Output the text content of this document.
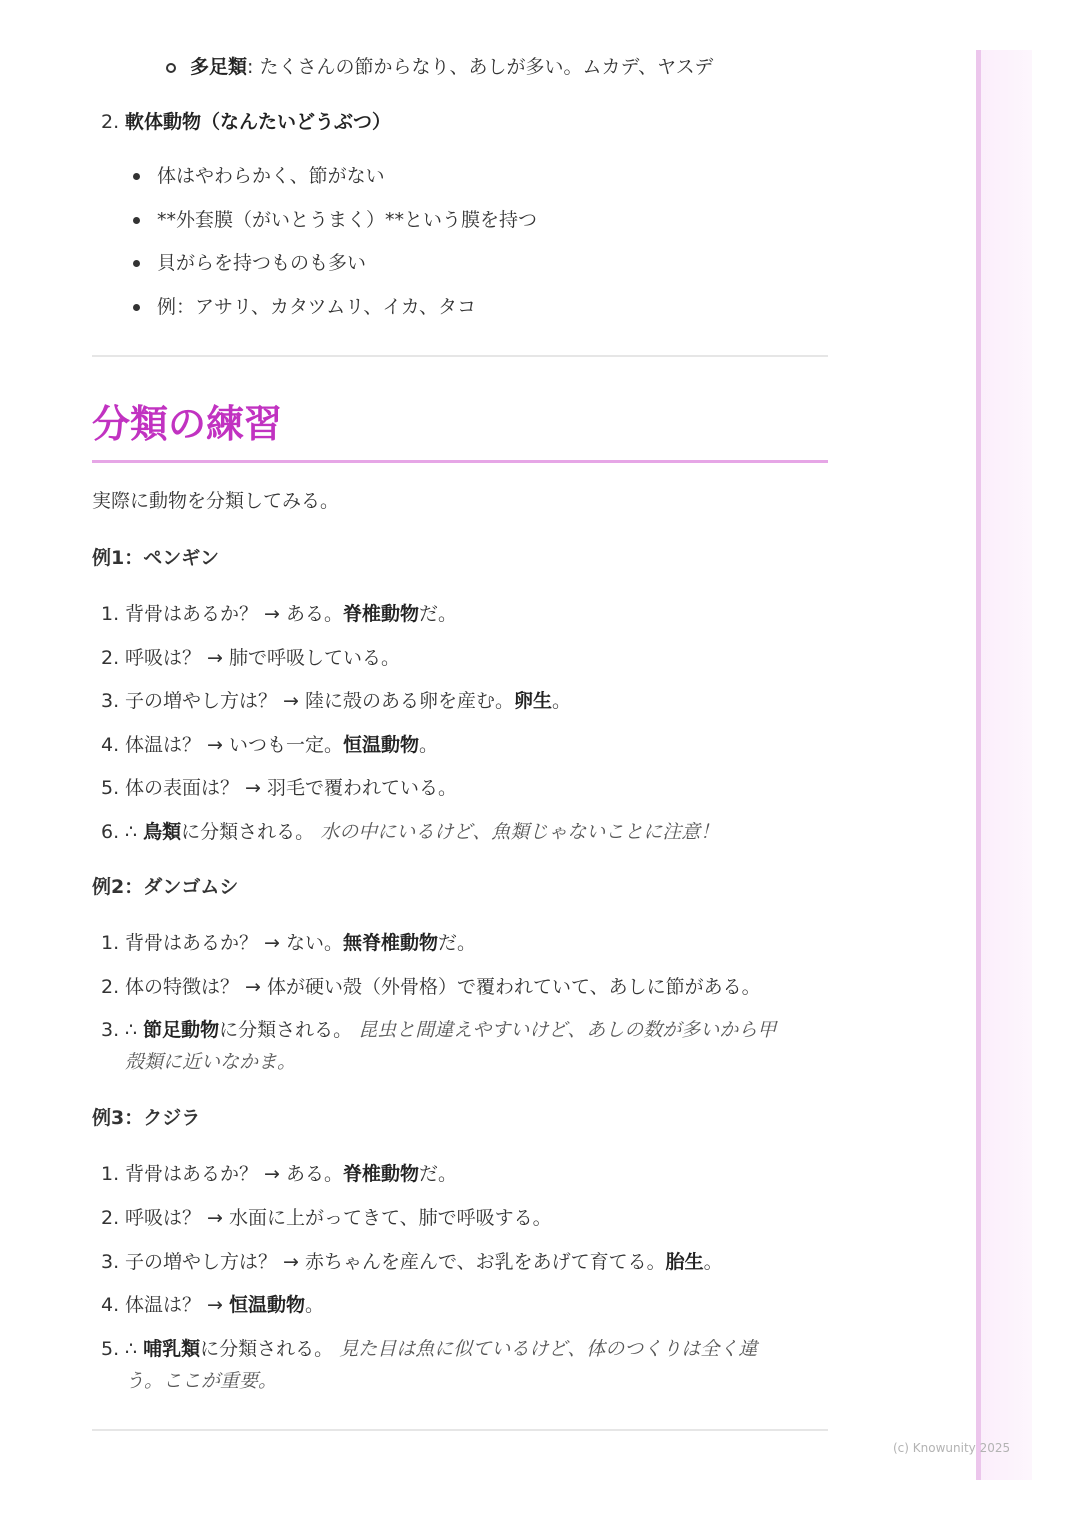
多足類: たくさんの節からなり、あしが多い。ムカデ、ヤスデ
2. 軟体動物（なんたいどうぶつ）
体はやわらかく、節がない
**外套膜（がいとうまく）**という膜を持つ
貝がらを持つものも多い
例：アサリ、カタツムリ、イカ、タコ
分類の練習
実際に動物を分類してみる。
例1：ペンギン
1. 背骨はあるか？ → ある。脊椎動物だ。
2. 呼吸は？ → 肺で呼吸している。
3. 子の増やし方は？ → 陸に殻のある卵を産む。卵生。
4. 体温は？ → いつも一定。恒温動物。
5. 体の表面は？ → 羽毛で覆われている。
6. ∴ 鳥類に分類される。 水の中にいるけど、魚類じゃないことに注意！
例2：ダンゴムシ
1. 背骨はあるか？ → ない。無脊椎動物だ。
2. 体の特徴は？ → 体が硬い殻（外骨格）で覆われていて、あしに節がある。
3. ∴ 節足動物に分類される。 昆虫と間違えやすいけど、あしの数が多いから甲
殻類に近いなかま。
例3：クジラ
1. 背骨はあるか？ → ある。脊椎動物だ。
2. 呼吸は？ → 水面に上がってきて、肺で呼吸する。
3. 子の増やし方は？ → 赤ちゃんを産んで、お乳をあげて育てる。胎生。
4. 体温は？ → 恒温動物。
5. ∴ 哺乳類に分類される。 見た目は魚に似ているけど、体のつくりは全く違
う。ここが重要。
(c) Knowunity 2025
